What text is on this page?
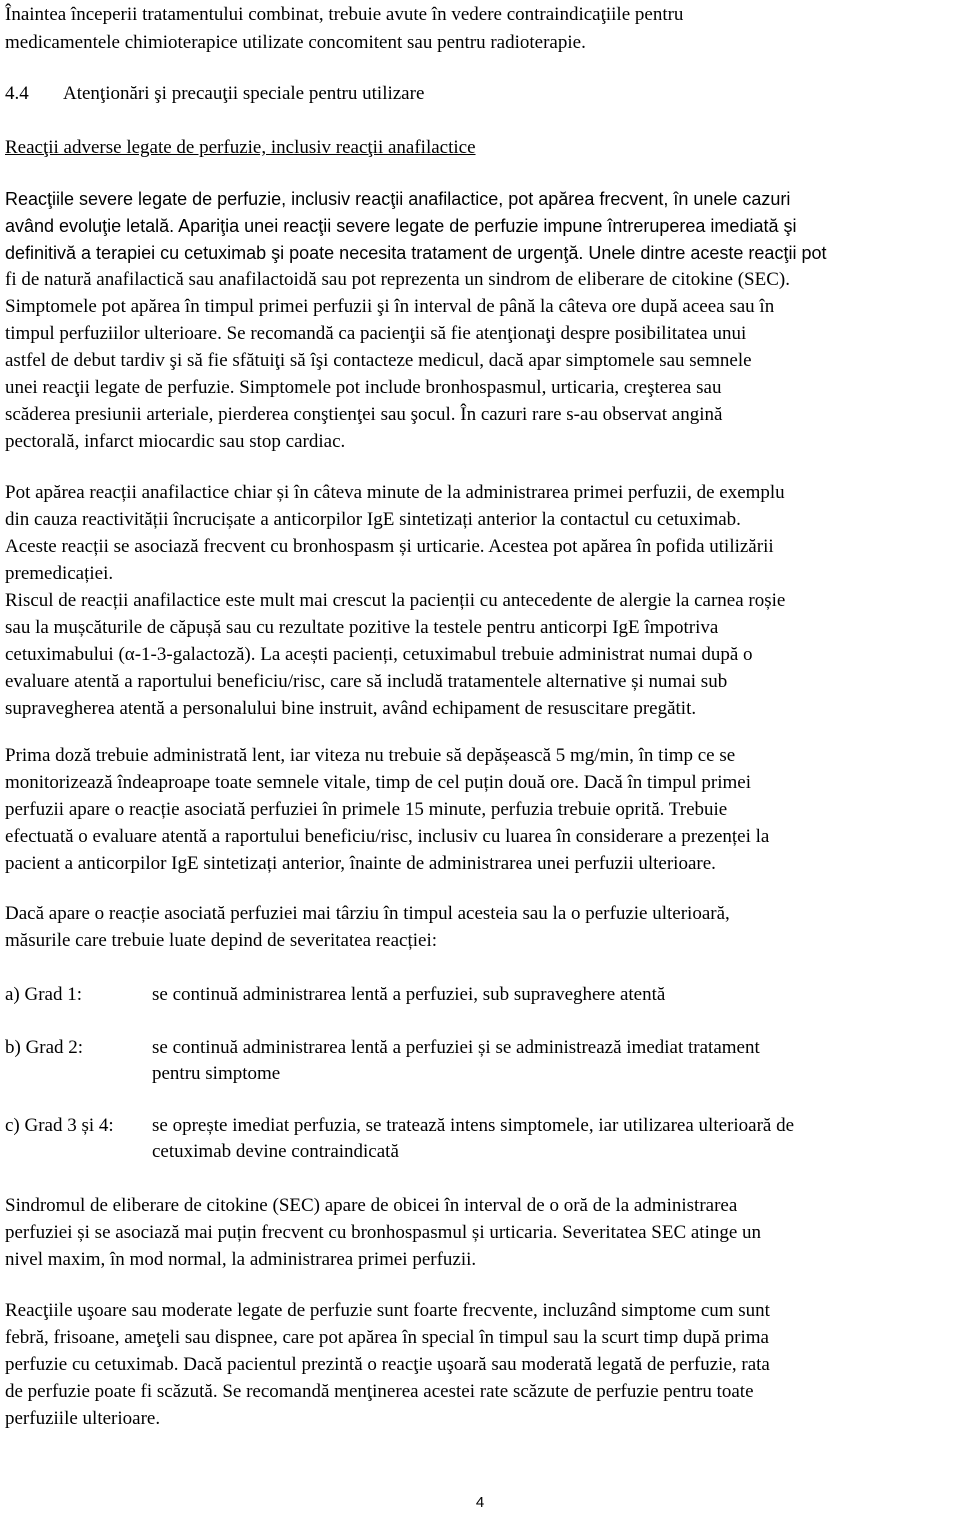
Înaintea începerii tratamentului combinat, trebuie avute în vedere contraindicaţiile pentru
medicamentele chimioterapice utilizate concomitent sau pentru radioterapie.
4.4 Atenţionări şi precauţii speciale pentru utilizare
Reacţii adverse legate de perfuzie, inclusiv reacţii anafilactice
Reacţiile severe legate de perfuzie, inclusiv reacţii anafilactice, pot apărea frecvent, în unele cazuri
având evoluţie letală. Apariţia unei reacţii severe legate de perfuzie impune întreruperea imediată şi
definitivă a terapiei cu cetuximab şi poate necesita tratament de urgenţă. Unele dintre aceste reacţii pot
fi de natură anafilactică sau anafilactoidă sau pot reprezenta un sindrom de eliberare de citokine (SEC).
Simptomele pot apărea în timpul primei perfuzii şi în interval de până la câteva ore după aceea sau în
timpul perfuziilor ulterioare. Se recomandă ca pacienţii să fie atenţionaţi despre posibilitatea unui
astfel de debut tardiv şi să fie sfătuiţi să îşi contacteze medicul, dacă apar simptomele sau semnele
unei reacţii legate de perfuzie. Simptomele pot include bronhospasmul, urticaria, creşterea sau
scăderea presiunii arteriale, pierderea conştienţei sau şocul. În cazuri rare s-au observat angină
pectorală, infarct miocardic sau stop cardiac.
Pot apărea reacții anafilactice chiar și în câteva minute de la administrarea primei perfuzii, de exemplu
din cauza reactivității încrucișate a anticorpilor IgE sintetizați anterior la contactul cu cetuximab.
Aceste reacții se asociază frecvent cu bronhospasm și urticarie. Acestea pot apărea în pofida utilizării
premedicației.
Riscul de reacții anafilactice este mult mai crescut la pacienții cu antecedente de alergie la carnea roșie
sau la mușcăturile de căpușă sau cu rezultate pozitive la testele pentru anticorpi IgE împotriva
cetuximabului (α-1-3-galactoză). La acești pacienți, cetuximabul trebuie administrat numai după o
evaluare atentă a raportului beneficiu/risc, care să includă tratamentele alternative și numai sub
supravegherea atentă a personalului bine instruit, având echipament de resuscitare pregătit.
Prima doză trebuie administrată lent, iar viteza nu trebuie să depășească 5 mg/min, în timp ce se
monitorizează îndeaproape toate semnele vitale, timp de cel puțin două ore. Dacă în timpul primei
perfuzii apare o reacție asociată perfuziei în primele 15 minute, perfuzia trebuie oprită. Trebuie
efectuată o evaluare atentă a raportului beneficiu/risc, inclusiv cu luarea în considerare a prezenței la
pacient a anticorpilor IgE sintetizați anterior, înainte de administrarea unei perfuzii ulterioare.
Dacă apare o reacție asociată perfuziei mai târziu în timpul acesteia sau la o perfuzie ulterioară,
măsurile care trebuie luate depind de severitatea reacției:
a) Grad 1:	se continuă administrarea lentă a perfuziei, sub supraveghere atentă
b) Grad 2:	se continuă administrarea lentă a perfuziei și se administrează imediat tratament
pentru simptome
c) Grad 3 și 4: se oprește imediat perfuzia, se tratează intens simptomele, iar utilizarea ulterioară de
cetuximab devine contraindicată
Sindromul de eliberare de citokine (SEC) apare de obicei în interval de o oră de la administrarea
perfuziei și se asociază mai puțin frecvent cu bronhospasmul și urticaria. Severitatea SEC atinge un
nivel maxim, în mod normal, la administrarea primei perfuzii.
Reacţiile uşoare sau moderate legate de perfuzie sunt foarte frecvente, incluzând simptome cum sunt
febră, frisoane, ameţeli sau dispnee, care pot apărea în special în timpul sau la scurt timp după prima
perfuzie cu cetuximab. Dacă pacientul prezintă o reacţie uşoară sau moderată legată de perfuzie, rata
de perfuzie poate fi scăzută. Se recomandă menţinerea acestei rate scăzute de perfuzie pentru toate
perfuziile ulterioare.
4
